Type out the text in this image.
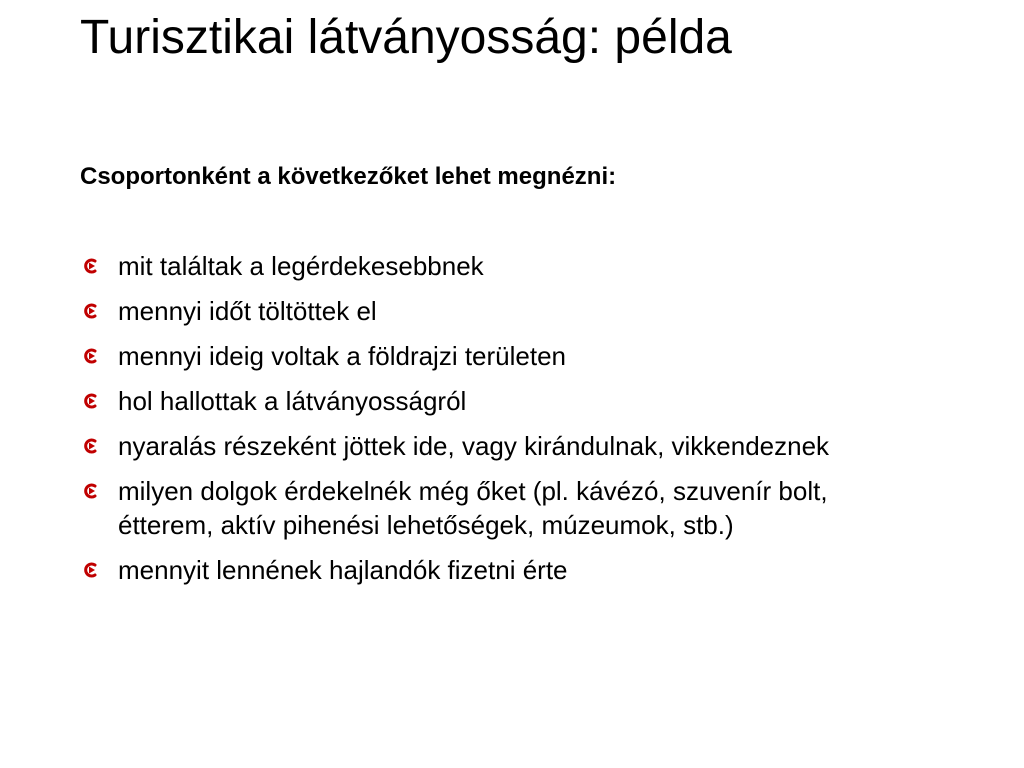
Turisztikai látványosság: példa

Csoportonként a következőket lehet megnézni:

mit találtak a legérdekesebbnek
mennyi időt töltöttek el
mennyi ideig voltak a földrajzi területen
hol hallottak a látványosságról
nyaralás részeként jöttek ide, vagy kirándulnak, vikkendeznek
milyen dolgok érdekelnék még őket (pl. kávézó, szuvenír bolt, étterem, aktív pihenési lehetőségek, múzeumok, stb.)
mennyit lennének hajlandók fizetni érte
